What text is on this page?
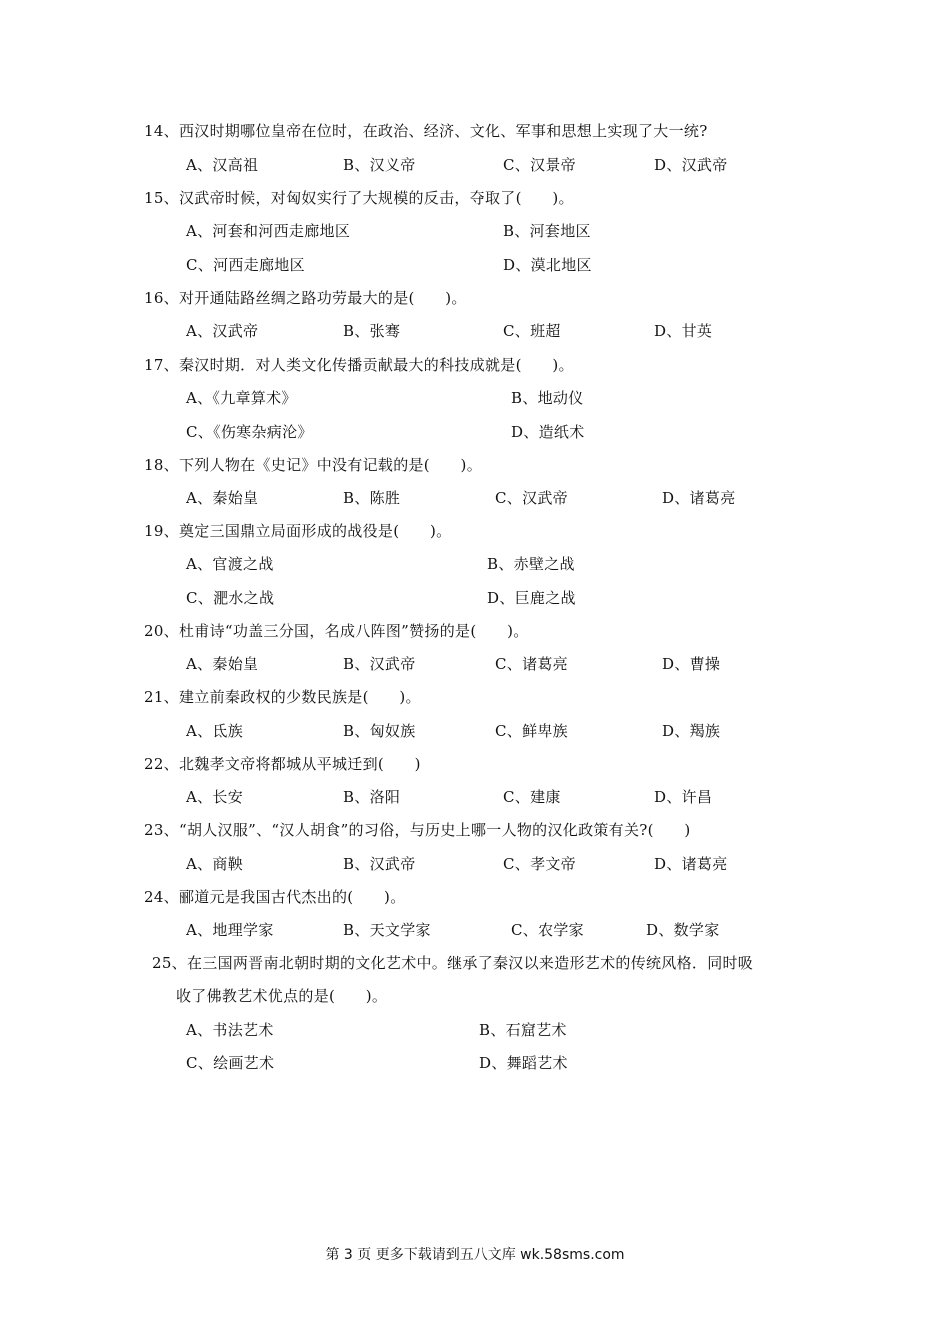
14、西汉时期哪位皇帝在位时，在政治、经济、文化、军事和思想上实现了大一统?
A、汉高祖	B、汉义帝	C、汉景帝	D、汉武帝
15、汉武帝时候，对匈奴实行了大规模的反击，夺取了(　　)。
A、河套和河西走廊地区	B、河套地区
C、河西走廊地区	D、漠北地区
16、对开通陆路丝绸之路功劳最大的是(　　)。
A、汉武帝	B、张骞	C、班超	D、甘英
17、秦汉时期．对人类文化传播贡献最大的科技成就是(　　)。
A、《九章算术》	B、地动仪
C、《伤寒杂病沦》	D、造纸术
18、下列人物在《史记》中没有记载的是(　　)。
A、秦始皇	B、陈胜	C、汉武帝	D、诸葛亮
19、奠定三国鼎立局面形成的战役是(　　)。
A、官渡之战	B、赤壁之战
C、淝水之战	D、巨鹿之战
20、杜甫诗“功盖三分国，名成八阵图”赞扬的是(　　)。
A、秦始皇	B、汉武帝	C、诸葛亮	D、曹操
21、建立前秦政权的少数民族是(　　)。
A、氐族	B、匈奴族	C、鲜卑族	D、羯族
22、北魏孝文帝将都城从平城迁到(　　)
A、长安	B、洛阳	C、建康	D、许昌
23、“胡人汉服”、“汉人胡食”的习俗，与历史上哪一人物的汉化政策有关?(　　)
A、商鞅	B、汉武帝	C、孝文帝	D、诸葛亮
24、郦道元是我国古代杰出的(　　)。
A、地理学家	B、天文学家	C、农学家	D、数学家
25、在三国两晋南北朝时期的文化艺术中。继承了秦汉以来造形艺术的传统风格．同时吸
收了佛教艺术优点的是(　　)。
A、书法艺术	B、石窟艺术
C、绘画艺术	D、舞蹈艺术
第 3 页 更多下载请到五八文库 wk.58sms.com
